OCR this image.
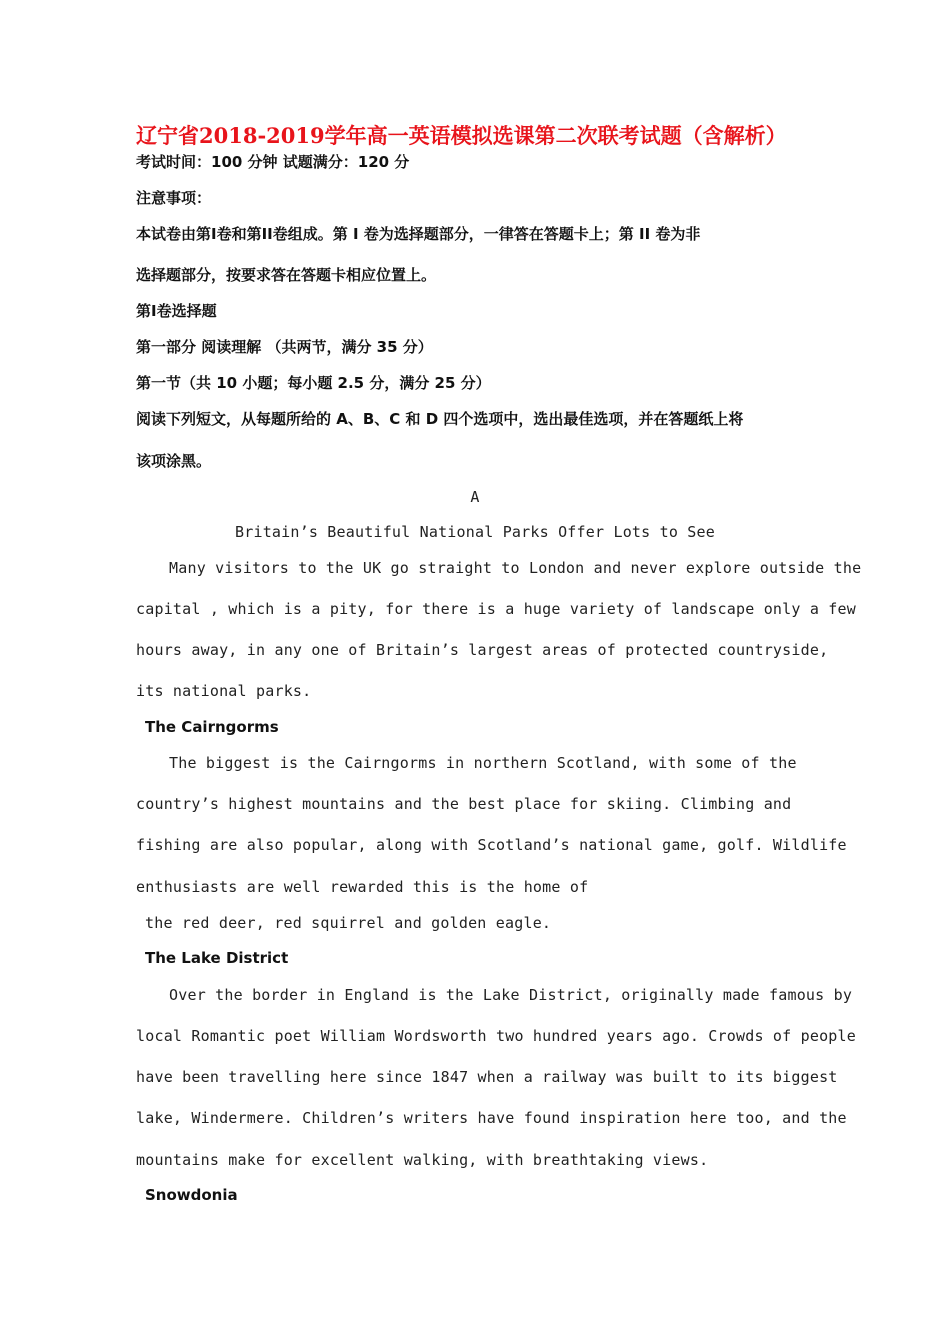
辽宁省2018-2019学年高一英语模拟选课第二次联考试题（含解析）
考试时间：100 分钟 试题满分：120 分
注意事项：
本试卷由第I卷和第II卷组成。第 I 卷为选择题部分，一律答在答题卡上；第 II 卷为非
选择题部分，按要求答在答题卡相应位置上。
第I卷选择题
第一部分 阅读理解 （共两节，满分 35 分）
第一节（共 10 小题；每小题 2.5 分，满分 25 分）
阅读下列短文，从每题所给的 A、B、C 和 D 四个选项中，选出最佳选项，并在答题纸上将
该项涂黑。
A
Britain’s Beautiful National Parks Offer Lots to See
Many visitors to the UK go straight to London and never explore outside the
capital , which is a pity, for there is a huge variety of landscape only a few
hours away, in any one of Britain’s largest areas of protected countryside,
its national parks.
The Cairngorms
The biggest is the Cairngorms in northern Scotland, with some of the
country’s highest mountains and the best place for skiing. Climbing and
fishing are also popular, along with Scotland’s national game, golf. Wildlife
enthusiasts are well rewarded this is the home of
the red deer, red squirrel and golden eagle.
The Lake District
Over the border in England is the Lake District, originally made famous by
local Romantic poet William Wordsworth two hundred years ago. Crowds of people
have been travelling here since 1847 when a railway was built to its biggest
lake, Windermere. Children’s writers have found inspiration here too, and the
mountains make for excellent walking, with breathtaking views.
Snowdonia
